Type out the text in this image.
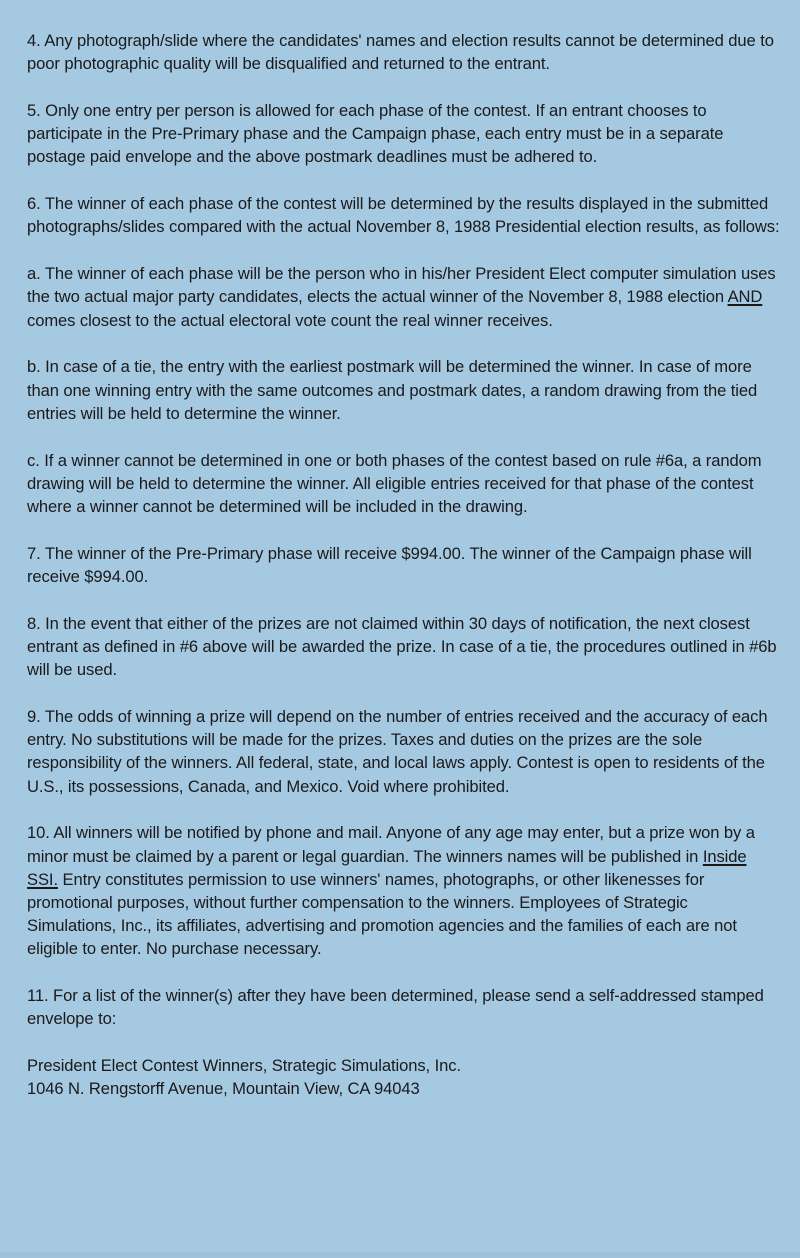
4. Any photograph/slide where the candidates' names and election results cannot be determined due to poor photographic quality will be disqualified and returned to the entrant.

5. Only one entry per person is allowed for each phase of the contest. If an entrant chooses to participate in the Pre-Primary phase and the Campaign phase, each entry must be in a separate postage paid envelope and the above postmark deadlines must be adhered to.

6. The winner of each phase of the contest will be determined by the results displayed in the submitted photographs/slides compared with the actual November 8, 1988 Presidential election results, as follows:

a. The winner of each phase will be the person who in his/her President Elect computer simulation uses the two actual major party candidates, elects the actual winner of the November 8, 1988 election AND comes closest to the actual electoral vote count the real winner receives.

b. In case of a tie, the entry with the earliest postmark will be determined the winner. In case of more than one winning entry with the same outcomes and postmark dates, a random drawing from the tied entries will be held to determine the winner.

c. If a winner cannot be determined in one or both phases of the contest based on rule #6a, a random drawing will be held to determine the winner. All eligible entries received for that phase of the contest where a winner cannot be determined will be included in the drawing.

7. The winner of the Pre-Primary phase will receive $994.00. The winner of the Campaign phase will receive $994.00.

8. In the event that either of the prizes are not claimed within 30 days of notification, the next closest entrant as defined in #6 above will be awarded the prize. In case of a tie, the procedures outlined in #6b will be used.

9. The odds of winning a prize will depend on the number of entries received and the accuracy of each entry. No substitutions will be made for the prizes. Taxes and duties on the prizes are the sole responsibility of the winners. All federal, state, and local laws apply. Contest is open to residents of the U.S., its possessions, Canada, and Mexico. Void where prohibited.

10. All winners will be notified by phone and mail. Anyone of any age may enter, but a prize won by a minor must be claimed by a parent or legal guardian. The winners names will be published in Inside SSI. Entry constitutes permission to use winners' names, photographs, or other likenesses for promotional purposes, without further compensation to the winners. Employees of Strategic Simulations, Inc., its affiliates, advertising and promotion agencies and the families of each are not eligible to enter. No purchase necessary.

11. For a list of the winner(s) after they have been determined, please send a self-addressed stamped envelope to:

President Elect Contest Winners, Strategic Simulations, Inc.

1046 N. Rengstorff Avenue, Mountain View, CA 94043
